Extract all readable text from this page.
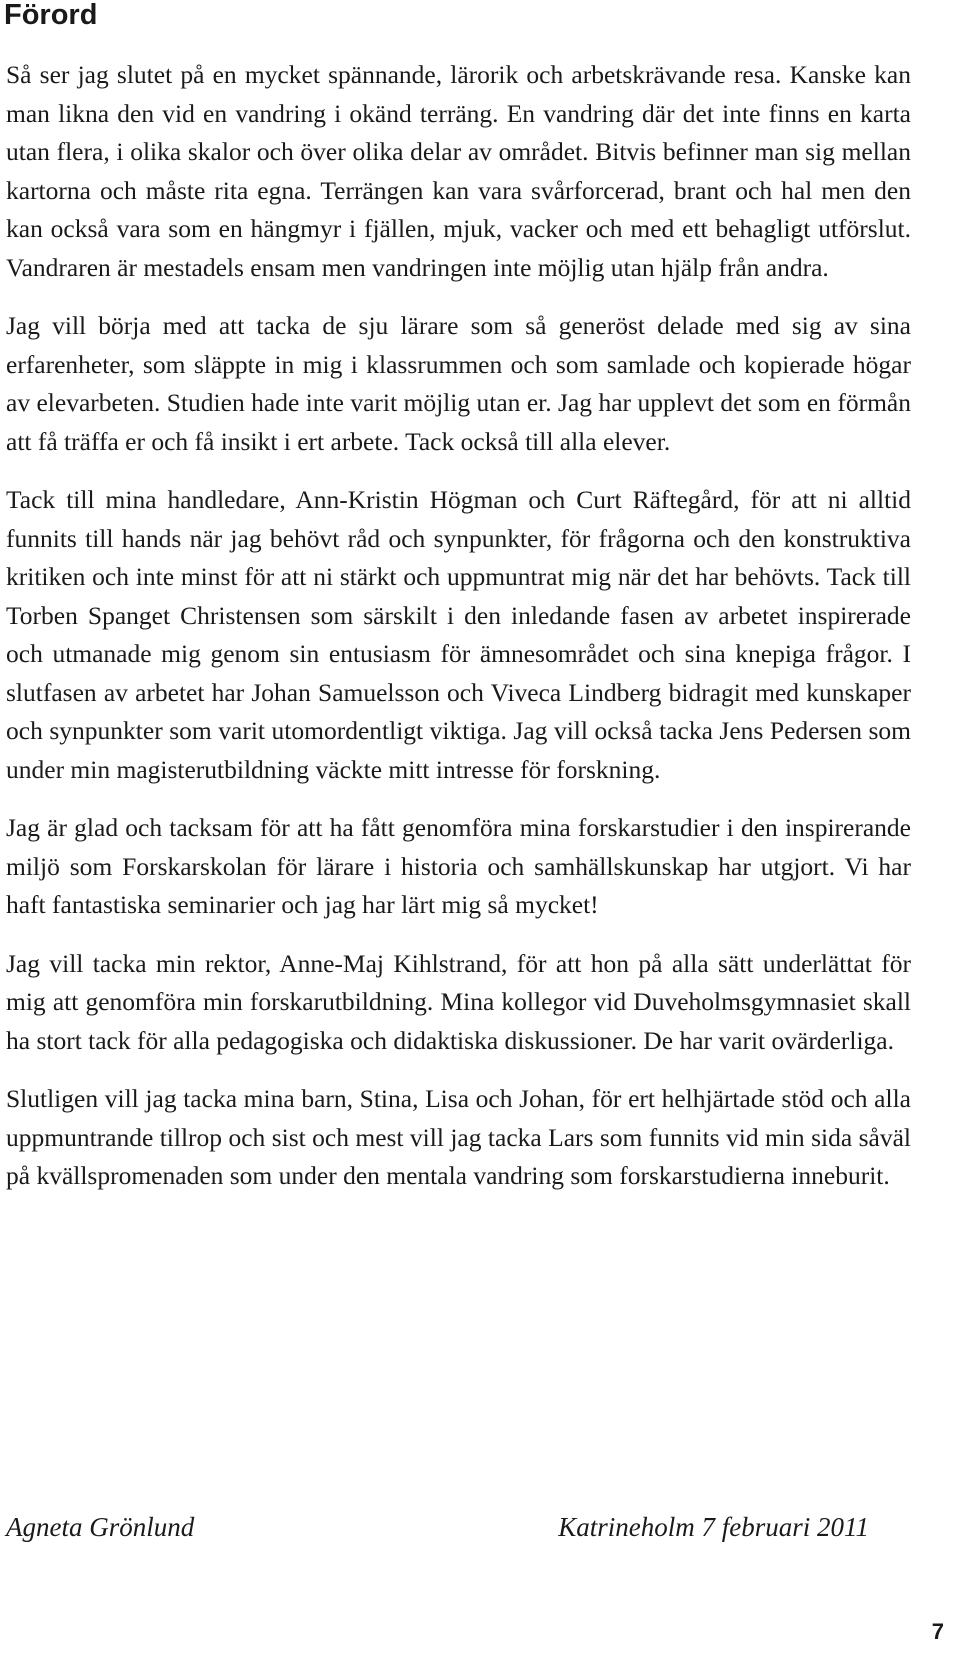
Förord

Så ser jag slutet på en mycket spännande, lärorik och arbetskrävande resa. Kanske kan man likna den vid en vandring i okänd terräng. En vandring där det inte finns en karta utan flera, i olika skalor och över olika delar av området. Bitvis befinner man sig mellan kartorna och måste rita egna. Terrängen kan vara svårforcerad, brant och hal men den kan också vara som en hängmyr i fjällen, mjuk, vacker och med ett behagligt utförslut. Vandraren är mestadels ensam men vandringen inte möjlig utan hjälp från andra.

Jag vill börja med att tacka de sju lärare som så generöst delade med sig av sina erfarenheter, som släppte in mig i klassrummen och som samlade och kopierade högar av elevarbeten. Studien hade inte varit möjlig utan er. Jag har upplevt det som en förmån att få träffa er och få insikt i ert arbete. Tack också till alla elever.

Tack till mina handledare, Ann-Kristin Högman och Curt Räftegård, för att ni alltid funnits till hands när jag behövt råd och synpunkter, för frågorna och den konstruktiva kritiken och inte minst för att ni stärkt och uppmuntrat mig när det har behövts. Tack till Torben Spanget Christensen som särskilt i den inledande fasen av arbetet inspirerade och utmanade mig genom sin entusiasm för ämnesområdet och sina knepiga frågor. I slutfasen av arbetet har Johan Samuelsson och Viveca Lindberg bidragit med kunskaper och synpunkter som varit utomordentligt viktiga. Jag vill också tacka Jens Pedersen som under min magisterutbildning väckte mitt intresse för forskning.

Jag är glad och tacksam för att ha fått genomföra mina forskarstudier i den inspirerande miljö som Forskarskolan för lärare i historia och samhällskunskap har utgjort. Vi har haft fantastiska seminarier och jag har lärt mig så mycket!

Jag vill tacka min rektor, Anne-Maj Kihlstrand, för att hon på alla sätt underlättat för mig att genomföra min forskarutbildning. Mina kollegor vid Duveholmsgymnasiet skall ha stort tack för alla pedagogiska och didaktiska diskussioner. De har varit ovärderliga.

Slutligen vill jag tacka mina barn, Stina, Lisa och Johan, för ert helhjärtade stöd och alla uppmuntrande tillrop och sist och mest vill jag tacka Lars som funnits vid min sida såväl på kvällspromenaden som under den mentala vandring som forskarstudierna inneburit.

Agneta Grönlund	Katrineholm 7 februari 2011
7
